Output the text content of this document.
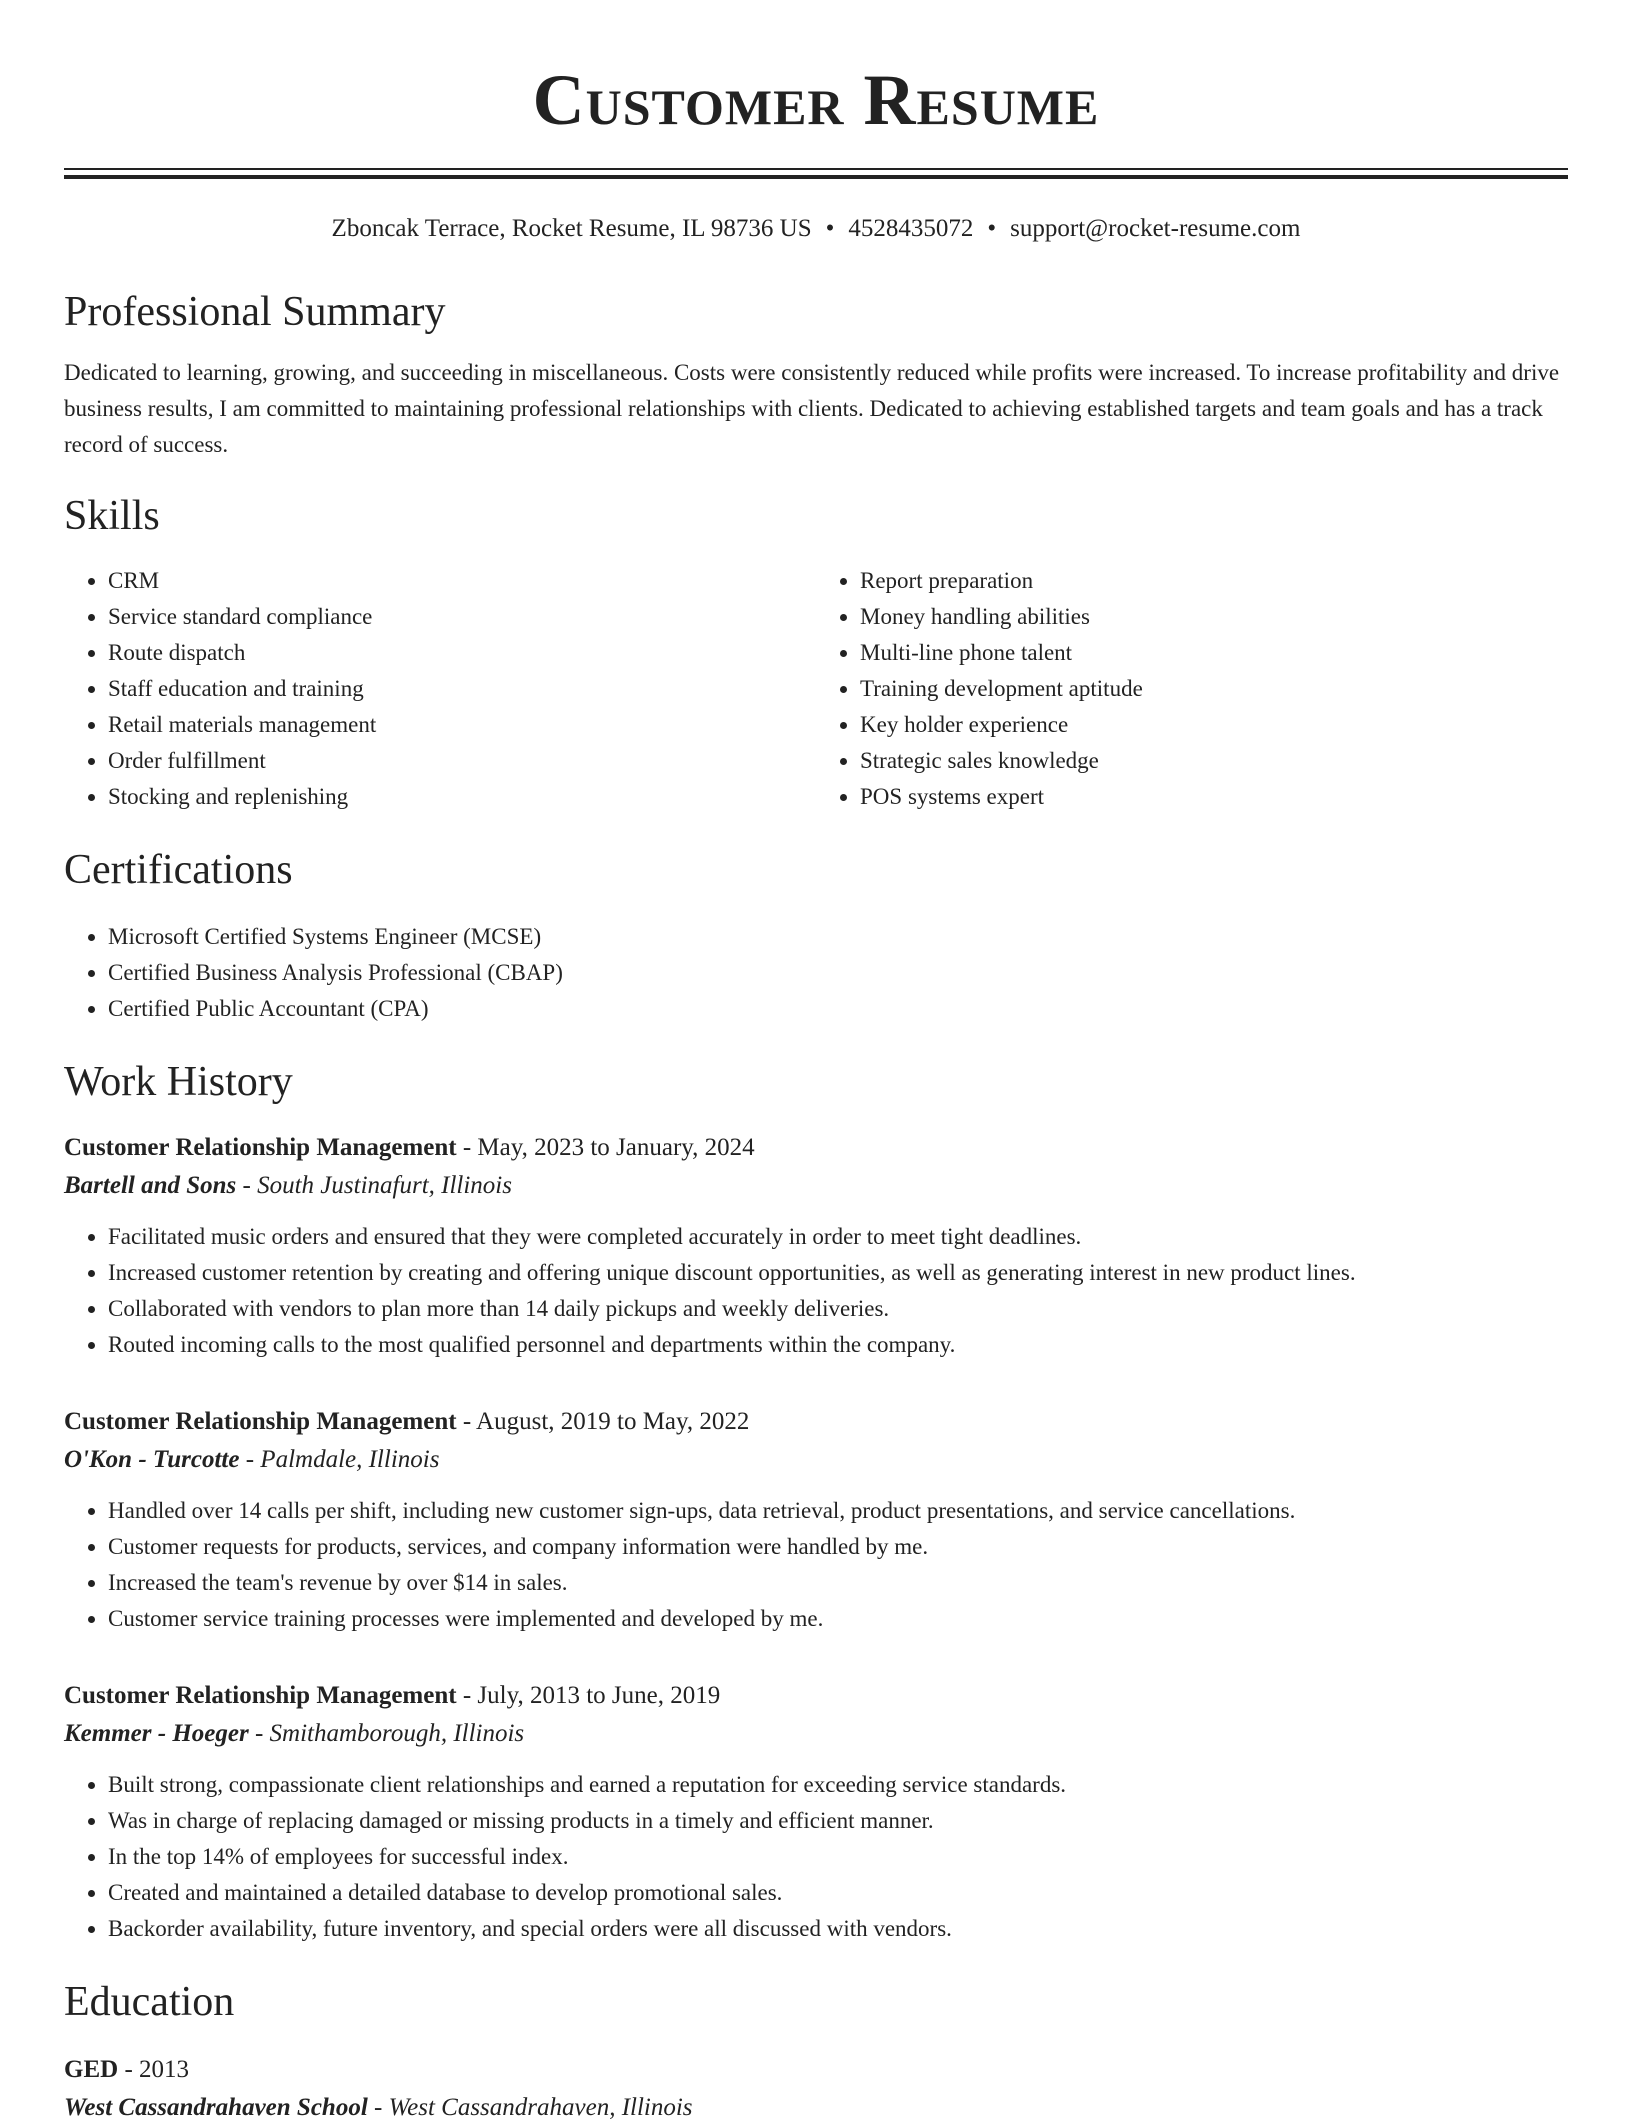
Customer Resume
Zboncak Terrace, Rocket Resume, IL 98736 US • 4528435072 • support@rocket-resume.com
Professional Summary

Dedicated to learning, growing, and succeeding in miscellaneous. Costs were consistently reduced while profits were increased. To increase profitability and drive business results, I am committed to maintaining professional relationships with clients. Dedicated to achieving established targets and team goals and has a track record of success.

Skills
• CRM
• Service standard compliance
• Route dispatch
• Staff education and training
• Retail materials management
• Order fulfillment
• Stocking and replenishing
• Report preparation
• Money handling abilities
• Multi-line phone talent
• Training development aptitude
• Key holder experience
• Strategic sales knowledge
• POS systems expert
Certifications
• Microsoft Certified Systems Engineer (MCSE)
• Certified Business Analysis Professional (CBAP)
• Certified Public Accountant (CPA)
Work History
Customer Relationship Management - May, 2023 to January, 2024
Bartell and Sons - South Justinafurt, Illinois
• Facilitated music orders and ensured that they were completed accurately in order to meet tight deadlines.
• Increased customer retention by creating and offering unique discount opportunities, as well as generating interest in new product lines.
• Collaborated with vendors to plan more than 14 daily pickups and weekly deliveries.
• Routed incoming calls to the most qualified personnel and departments within the company.
Customer Relationship Management - August, 2019 to May, 2022
O'Kon - Turcotte - Palmdale, Illinois
• Handled over 14 calls per shift, including new customer sign-ups, data retrieval, product presentations, and service cancellations.
• Customer requests for products, services, and company information were handled by me.
• Increased the team's revenue by over $14 in sales.
• Customer service training processes were implemented and developed by me.
Customer Relationship Management - July, 2013 to June, 2019
Kemmer - Hoeger - Smithamborough, Illinois
• Built strong, compassionate client relationships and earned a reputation for exceeding service standards.
• Was in charge of replacing damaged or missing products in a timely and efficient manner.
• In the top 14% of employees for successful index.
• Created and maintained a detailed database to develop promotional sales.
• Backorder availability, future inventory, and special orders were all discussed with vendors.
Education
GED - 2013
West Cassandrahaven School - West Cassandrahaven, Illinois
